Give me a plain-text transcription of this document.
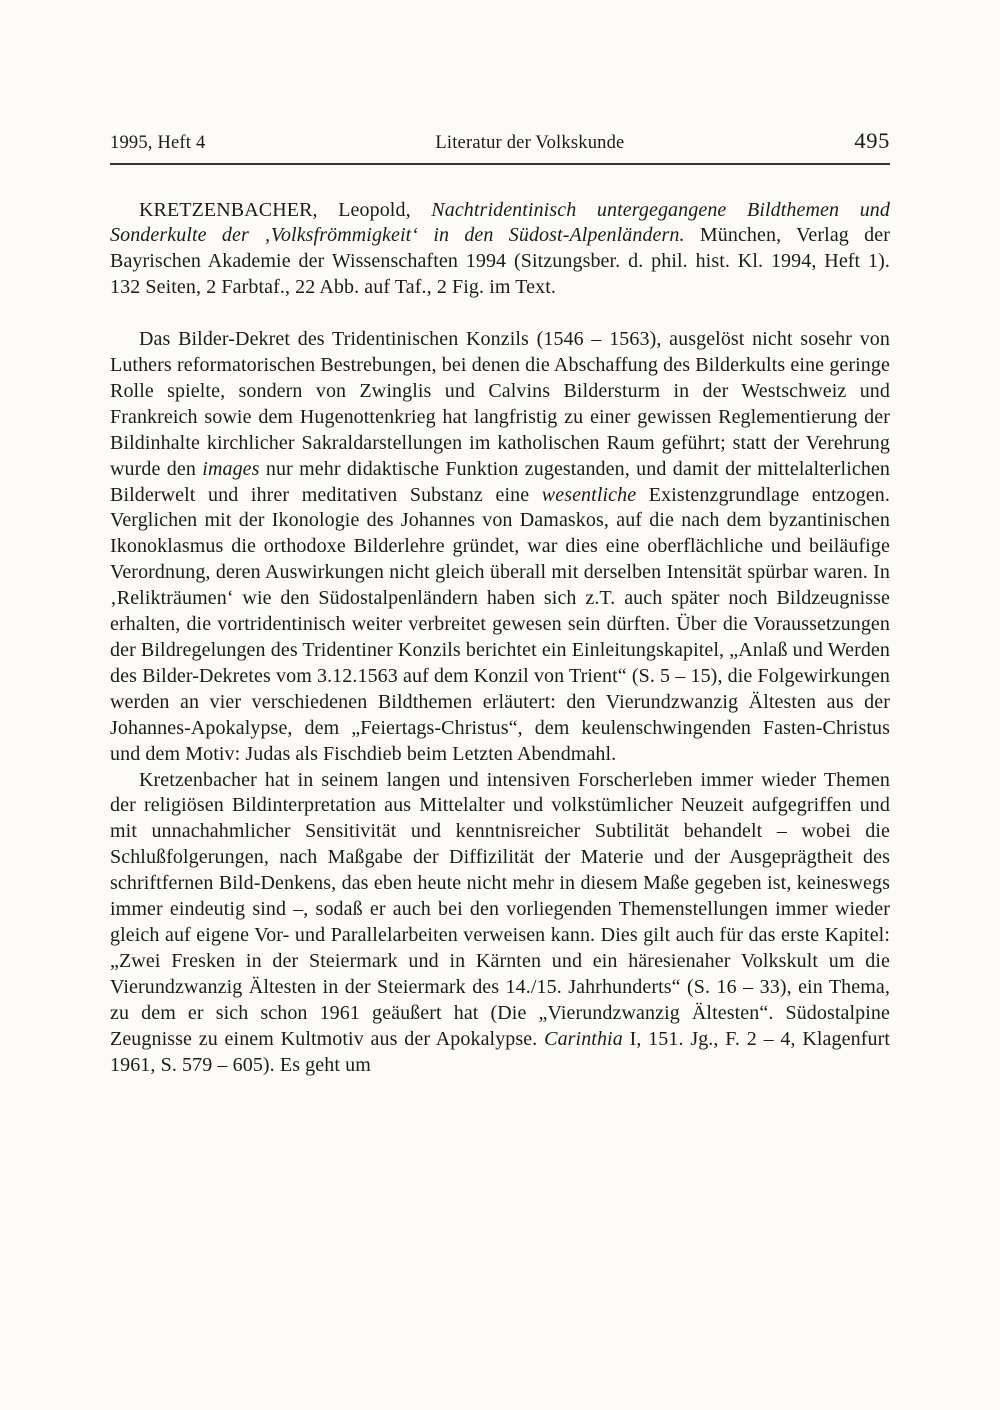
1995, Heft 4	Literatur der Volkskunde	495

KRETZENBACHER, Leopold, Nachtridentinisch untergegangene Bildthemen und Sonderkulte der ‚Volksfrömmigkeit‘ in den Südost-Alpenländern. München, Verlag der Bayrischen Akademie der Wissenschaften 1994 (Sitzungsber. d. phil. hist. Kl. 1994, Heft 1). 132 Seiten, 2 Farbtaf., 22 Abb. auf Taf., 2 Fig. im Text.

Das Bilder-Dekret des Tridentinischen Konzils (1546 – 1563), ausgelöst nicht sosehr von Luthers reformatorischen Bestrebungen, bei denen die Abschaffung des Bilderkults eine geringe Rolle spielte, sondern von Zwinglis und Calvins Bildersturm in der Westschweiz und Frankreich sowie dem Hugenottenkrieg hat langfristig zu einer gewissen Reglementierung der Bildinhalte kirchlicher Sakraldarstellungen im katholischen Raum geführt; statt der Verehrung wurde den images nur mehr didaktische Funktion zugestanden, und damit der mittelalterlichen Bilderwelt und ihrer meditativen Substanz eine wesentliche Existenzgrundlage entzogen. Verglichen mit der Ikonologie des Johannes von Damaskos, auf die nach dem byzantinischen Ikonoklasmus die orthodoxe Bilderlehre gründet, war dies eine oberflächliche und beiläufige Verordnung, deren Auswirkungen nicht gleich überall mit derselben Intensität spürbar waren. In ‚Relikträumen‘ wie den Südostalpenländern haben sich z.T. auch später noch Bildzeugnisse erhalten, die vortridentinisch weiter verbreitet gewesen sein dürften. Über die Voraussetzungen der Bildregelungen des Tridentiner Konzils berichtet ein Einleitungskapitel, „Anlaß und Werden des Bilder-Dekretes vom 3.12.1563 auf dem Konzil von Trient“ (S. 5 – 15), die Folgewirkungen werden an vier verschiedenen Bildthemen erläutert: den Vierundzwanzig Ältesten aus der Johannes-Apokalypse, dem „Feiertags-Christus“, dem keulenschwingenden Fasten-Christus und dem Motiv: Judas als Fischdieb beim Letzten Abendmahl.

Kretzenbacher hat in seinem langen und intensiven Forscherleben immer wieder Themen der religiösen Bildinterpretation aus Mittelalter und volkstümlicher Neuzeit aufgegriffen und mit unnachahmlicher Sensitivität und kenntnisreicher Subtilität behandelt – wobei die Schlußfolgerungen, nach Maßgabe der Diffizilität der Materie und der Ausgeprägtheit des schriftfernen Bild-Denkens, das eben heute nicht mehr in diesem Maße gegeben ist, keineswegs immer eindeutig sind –, sodaß er auch bei den vorliegenden Themenstellungen immer wieder gleich auf eigene Vor- und Parallelarbeiten verweisen kann. Dies gilt auch für das erste Kapitel: „Zwei Fresken in der Steiermark und in Kärnten und ein häresienaher Volkskult um die Vierundzwanzig Ältesten in der Steiermark des 14./15. Jahrhunderts“ (S. 16 – 33), ein Thema, zu dem er sich schon 1961 geäußert hat (Die „Vierundzwanzig Ältesten“. Südostalpine Zeugnisse zu einem Kultmotiv aus der Apokalypse. Carinthia I, 151. Jg., F. 2 – 4, Klagenfurt 1961, S. 579 – 605). Es geht um
